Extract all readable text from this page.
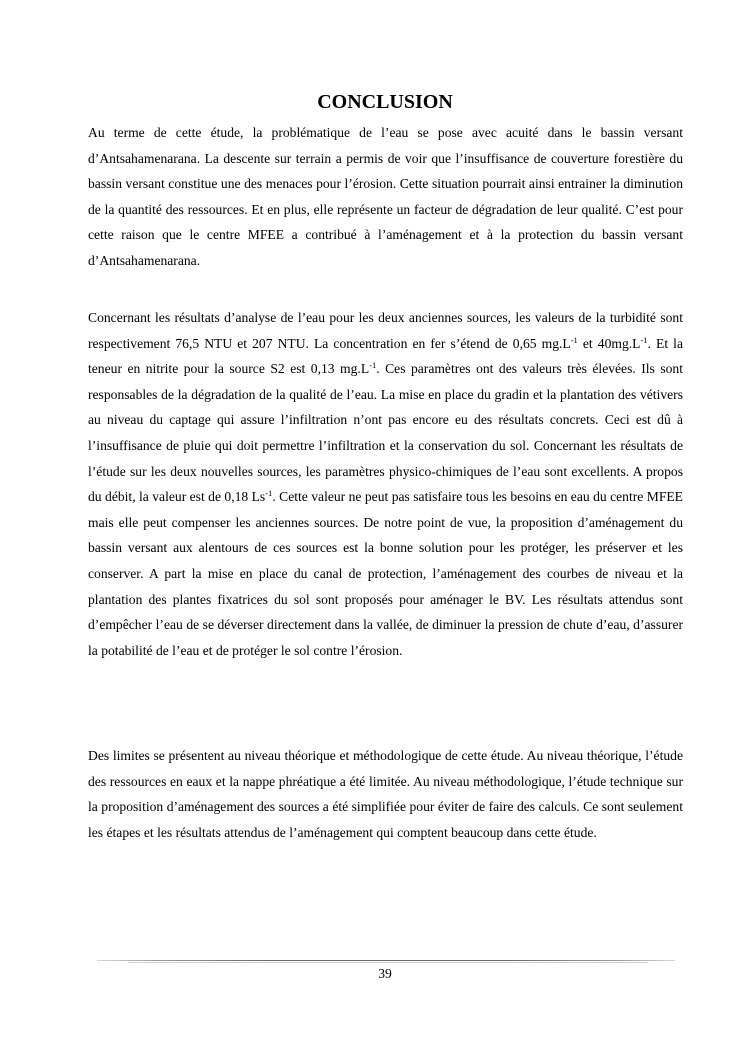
CONCLUSION

Au terme de cette étude, la problématique de l’eau se pose avec acuité dans le bassin versant d’Antsahamenarana. La descente sur terrain a permis de voir que l’insuffisance de couverture forestière du bassin versant constitue une des menaces pour l’érosion. Cette situation pourrait ainsi entrainer la diminution de la quantité des ressources. Et en plus, elle représente un facteur de dégradation de leur qualité. C’est pour cette raison que le centre MFEE a contribué à l’aménagement et à la protection du bassin versant d’Antsahamenarana.

Concernant les résultats d’analyse de l’eau pour les deux anciennes sources, les valeurs de la turbidité sont respectivement 76,5 NTU et 207 NTU. La concentration en fer s’étend de 0,65 $mg.L^{-1}$ et $40mg.L^{-1}$. Et la teneur en nitrite pour la source S2 est 0,13 $mg.L^{-1}$. Ces paramètres ont des valeurs très élevées. Ils sont responsables de la dégradation de la qualité de l’eau. La mise en place du gradin et la plantation des vétivers au niveau du captage qui assure l’infiltration n’ont pas encore eu des résultats concrets. Ceci est dû à l’insuffisance de pluie qui doit permettre l’infiltration et la conservation du sol. Concernant les résultats de l’étude sur les deux nouvelles sources, les paramètres physico-chimiques de l’eau sont excellents. A propos du débit, la valeur est de 0,18 $Ls^{-1}$. Cette valeur ne peut pas satisfaire tous les besoins en eau du centre MFEE mais elle peut compenser les anciennes sources. De notre point de vue, la proposition d’aménagement du bassin versant aux alentours de ces sources est la bonne solution pour les protéger, les préserver et les conserver. A part la mise en place du canal de protection, l’aménagement des courbes de niveau et la plantation des plantes fixatrices du sol sont proposés pour aménager le BV. Les résultats attendus sont d’empêcher l’eau de se déverser directement dans la vallée, de diminuer la pression de chute d’eau, d’assurer la potabilité de l’eau et de protéger le sol contre l’érosion.

Des limites se présentent au niveau théorique et méthodologique de cette étude. Au niveau théorique, l’étude des ressources en eaux et la nappe phréatique a été limitée. Au niveau méthodologique, l’étude technique sur la proposition d’aménagement des sources a été simplifiée pour éviter de faire des calculs. Ce sont seulement les étapes et les résultats attendus de l’aménagement qui comptent beaucoup dans cette étude.

39
